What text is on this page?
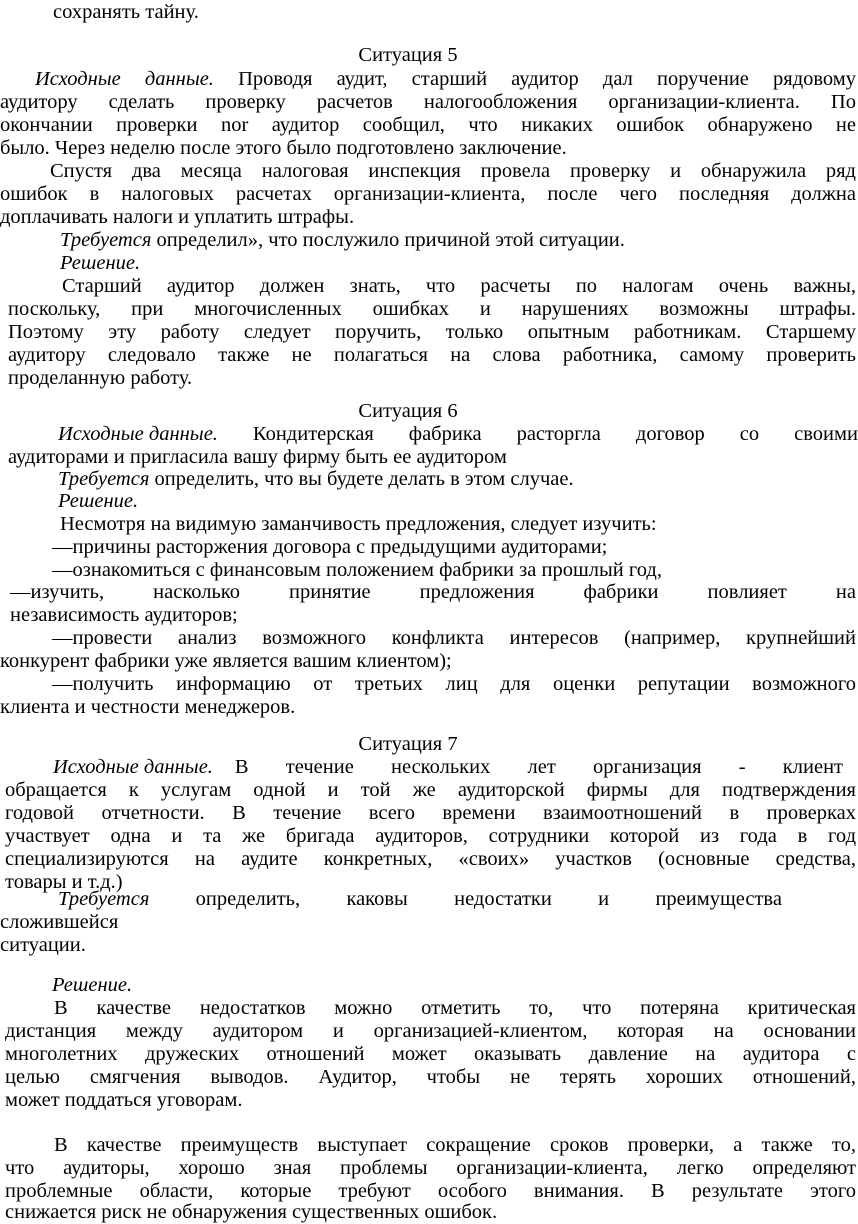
сохранять тайну.
Ситуация 5
Исходные данные. Проводя аудит, старший аудитор дал поручение рядовому
аудитору сделать проверку расчетов налогообложения организации-клиента. По
окончании проверки nor аудитор сообщил, что никаких ошибок обнаружено не
было. Через неделю после этого было подготовлено заключение.
Спустя два месяца налоговая инспекция провела проверку и обнаружила ряд
ошибок в налоговых расчетах организации-клиента, после чего последняя должна
доплачивать налоги и уплатить штрафы.
Требуется определил», что послужило причиной этой ситуации.
Решение.
Старший аудитор должен знать, что расчеты по налогам очень важны,
поскольку, при многочисленных ошибках и нарушениях возможны штрафы.
Поэтому эту работу следует поручить, только опытным работникам. Старшему
аудитору следовало также не полагаться на слова работника, самому проверить
проделанную работу.
Ситуация 6
Исходные данные. Кондитерская фабрика расторгла договор со своими
аудиторами и пригласила вашу фирму быть ее аудитором
Требуется определить, что вы будете делать в этом случае.
Решение.
Несмотря на видимую заманчивость предложения, следует изучить:
—причины расторжения договора с предыдущими аудиторами;
—ознакомиться с финансовым положением фабрики за прошлый год,
—изучить,    насколько    принятие    предложения    фабрики    повлияет    на
независимость аудиторов;
—провести анализ возможного конфликта интересов (например, крупнейший
конкурент фабрики уже является вашим клиентом);
—получить информацию от третьих лиц для оценки репутации возможного
клиента и честности менеджеров.
Ситуация 7
Исходные данные. В течение нескольких лет организация - клиент
обращается к услугам одной и той же аудиторской фирмы для подтверждения
годовой отчетности. В течение всего времени взаимоотношений в проверках
участвует одна и та же бригада аудиторов, сотрудники которой из года в год
специализируются на аудите конкретных, «своих» участков (основные средства,
товары и т.д.)
Требуется определить, каковы недостатки и преимущества
сложившейся
ситуации.
Решение.
В качестве недостатков можно отметить то, что потеряна критическая
дистанция между аудитором и организацией-клиентом, которая на основании
многолетних дружеских отношений может оказывать давление на аудитора с
целью смягчения выводов. Аудитор, чтобы не терять хороших отношений,
может поддаться уговорам.
В качестве преимуществ выступает сокращение сроков проверки, а также то,
что аудиторы, хорошо зная проблемы организации-клиента, легко определяют
проблемные области, которые требуют особого внимания. В результате этого
снижается риск не обнаружения существенных ошибок.
